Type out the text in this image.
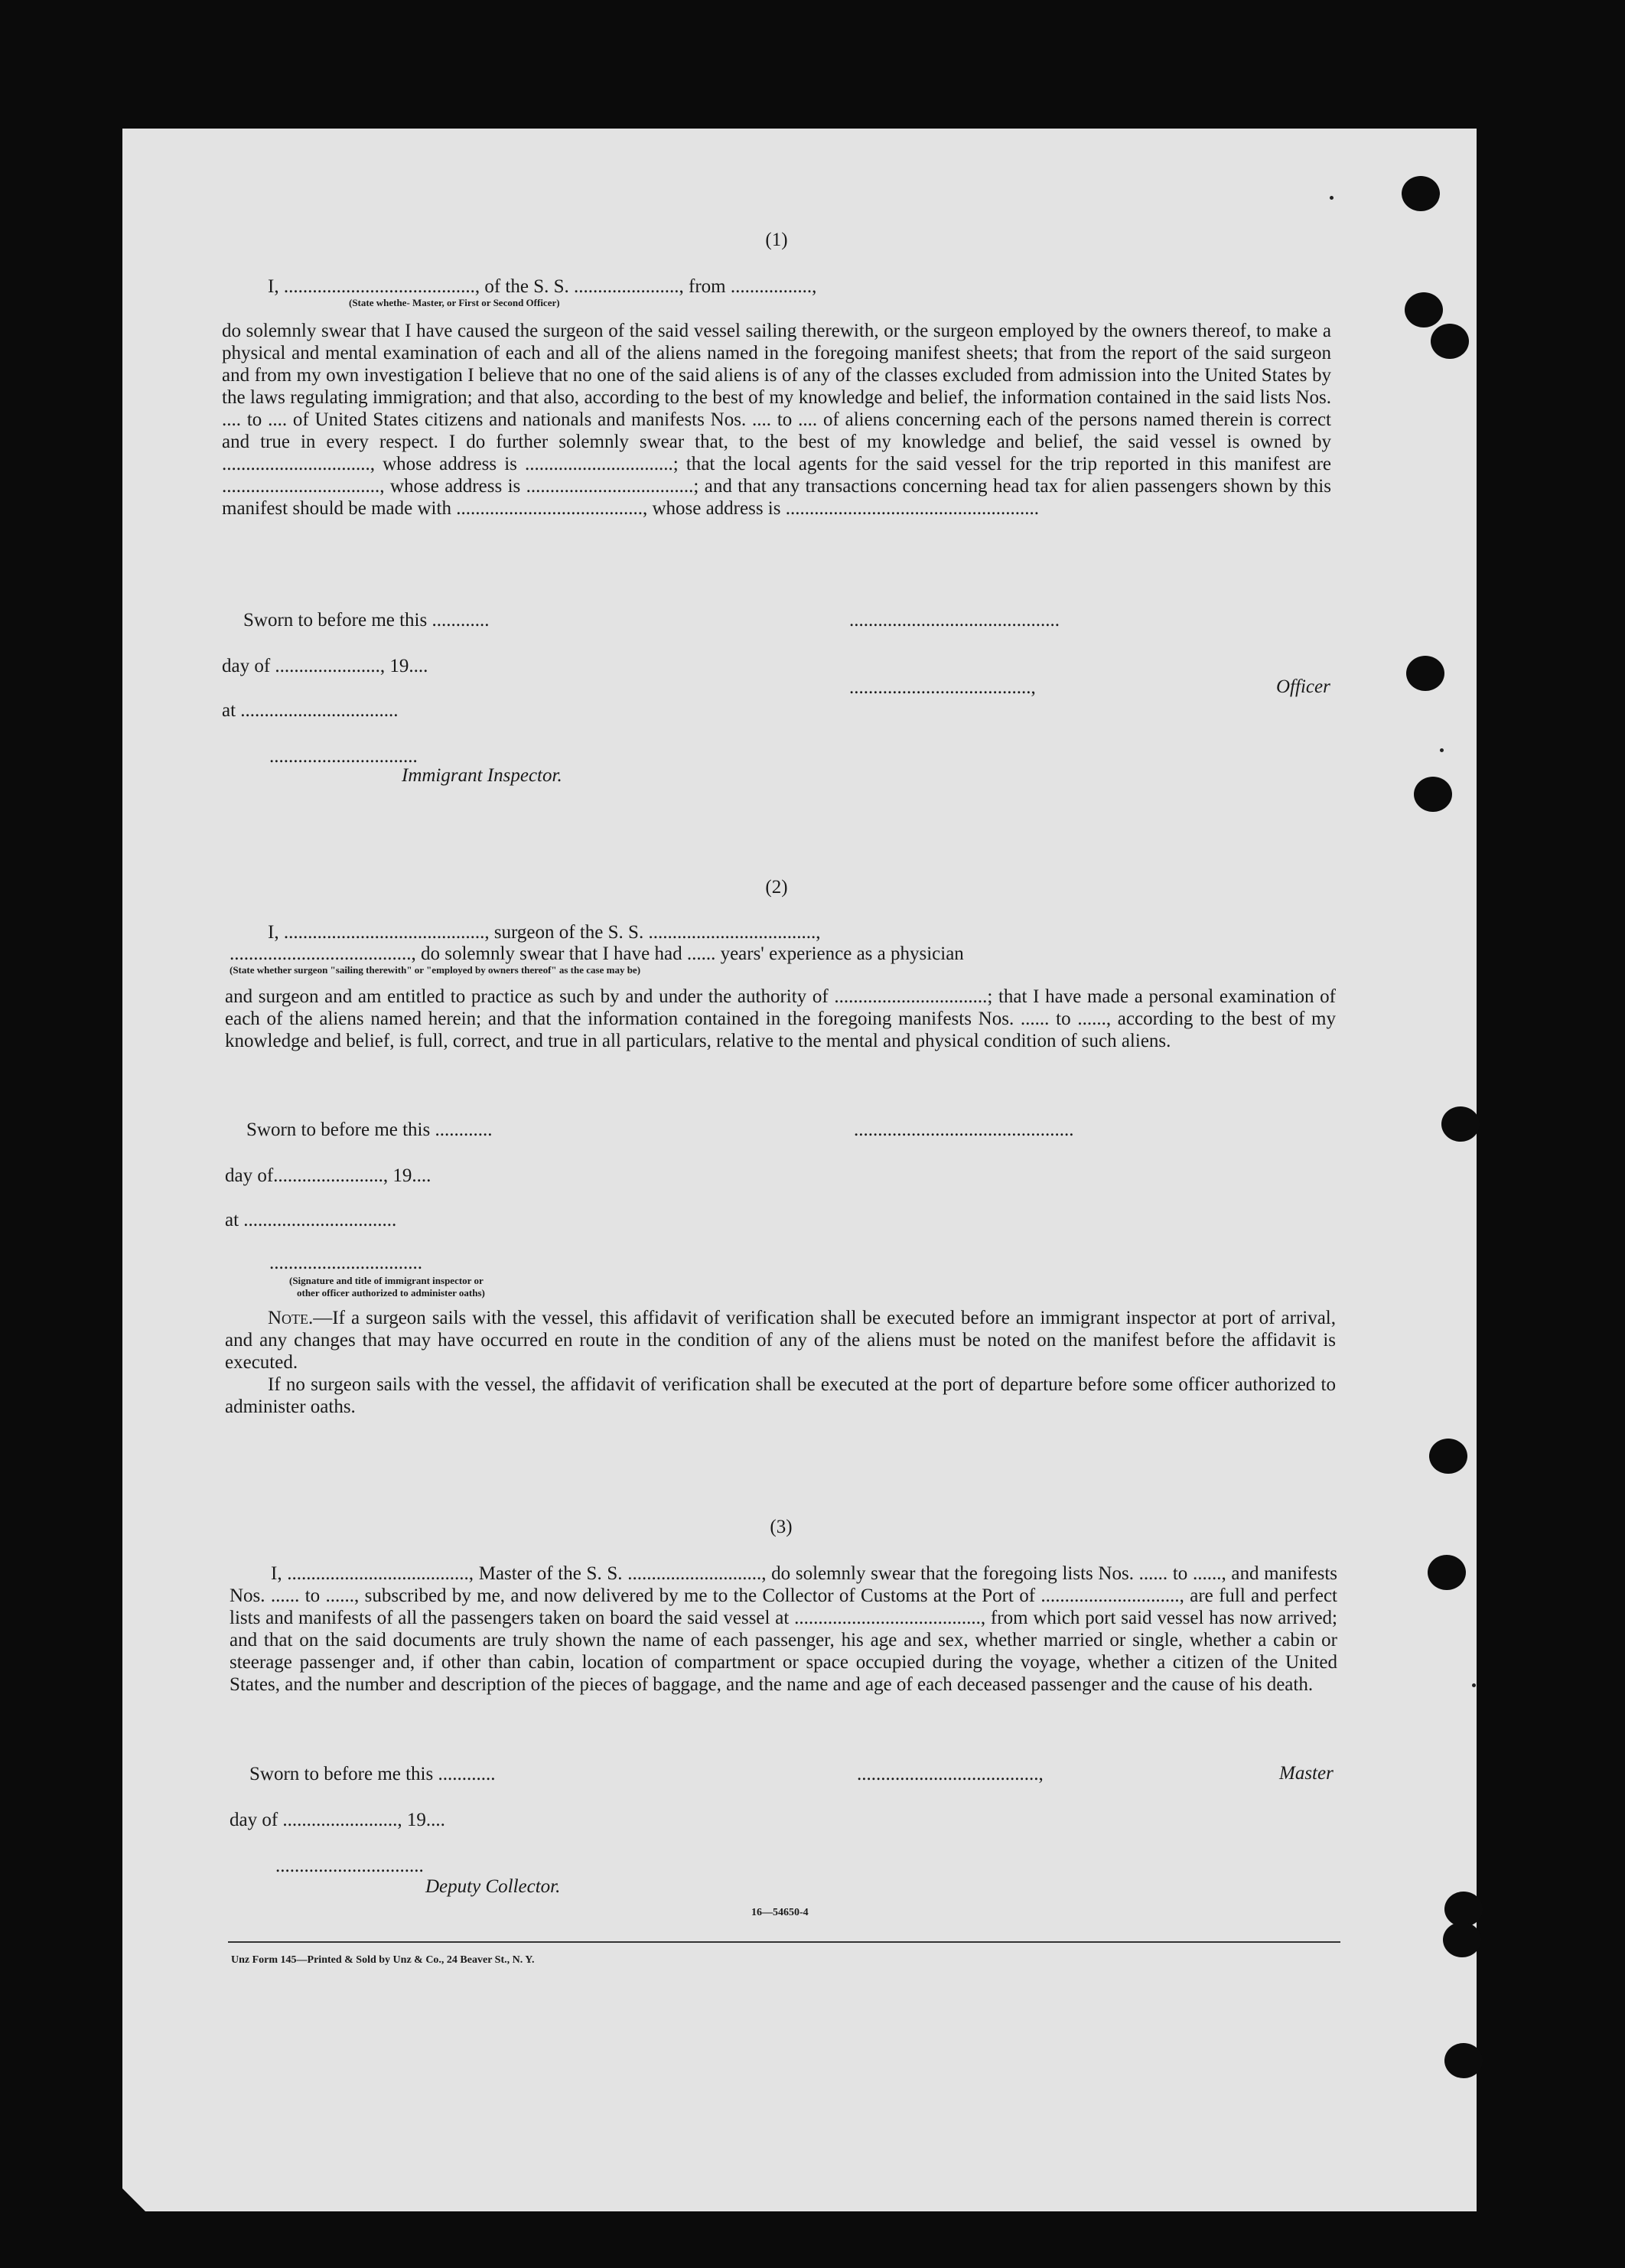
(1)
I, ........................................, of the S. S. ......................, from .................,
(State whethe- Master, or First or Second Officer)

do solemnly swear that I have caused the surgeon of the said vessel sailing therewith, or the surgeon employed by the owners thereof, to make a physical and mental examination of each and all of the aliens named in the foregoing manifest sheets; that from the report of the said surgeon and from my own investigation I believe that no one of the said aliens is of any of the classes excluded from admission into the United States by the laws regulating immigration; and that also, according to the best of my knowledge and belief, the information contained in the said lists Nos. .... to .... of United States citizens and nationals and manifests Nos. .... to .... of aliens concerning each of the persons named therein is correct and true in every respect. I do further solemnly swear that, to the best of my knowledge and belief, the said vessel is owned by ..............................., whose address is ...............................; that the local agents for the said vessel for the trip reported in this manifest are ................................., whose address is ...................................; and that any transactions concerning head tax for alien passengers shown by this manifest should be made with ......................................., whose address is .....................................................

Sworn to before me this ............	............................................
day of ......................, 19....
......................................,	Officer
at .................................
...............................
Immigrant Inspector.
(2)
I, .........................................., surgeon of the S. S. ...................................,
......................................, do solemnly swear that I have had ...... years' experience as a physician
(State whether surgeon "sailing therewith" or "employed by owners thereof" as the case may be)

and surgeon and am entitled to practice as such by and under the authority of ................................; that I have made a personal examination of each of the aliens named herein; and that the information contained in the foregoing manifests Nos. ...... to ......, according to the best of my knowledge and belief, is full, correct, and true in all particulars, relative to the mental and physical condition of such aliens.

Sworn to before me this ............	..............................................
day of......................., 19....
at ................................
................................
(Signature and title of immigrant inspector or
other officer authorized to administer oaths)

Note.—If a surgeon sails with the vessel, this affidavit of verification shall be executed before an immigrant inspector at port of arrival, and any changes that may have occurred en route in the condition of any of the aliens must be noted on the manifest before the affidavit is executed.

If no surgeon sails with the vessel, the affidavit of verification shall be executed at the port of departure before some officer authorized to administer oaths.

(3)

I, ......................................, Master of the S. S. ............................, do solemnly swear that the foregoing lists Nos. ...... to ......, and manifests Nos. ...... to ......, subscribed by me, and now delivered by me to the Collector of Customs at the Port of ............................., are full and perfect lists and manifests of all the passengers taken on board the said vessel at ......................................., from which port said vessel has now arrived; and that on the said documents are truly shown the name of each passenger, his age and sex, whether married or single, whether a cabin or steerage passenger and, if other than cabin, location of compartment or space occupied during the voyage, whether a citizen of the United States, and the number and description of the pieces of baggage, and the name and age of each deceased passenger and the cause of his death.

Sworn to before me this ............	......................................,	Master
day of ........................, 19....
...............................
Deputy Collector.
16—54650-4
Unz Form 145—Printed & Sold by Unz & Co., 24 Beaver St., N. Y.
